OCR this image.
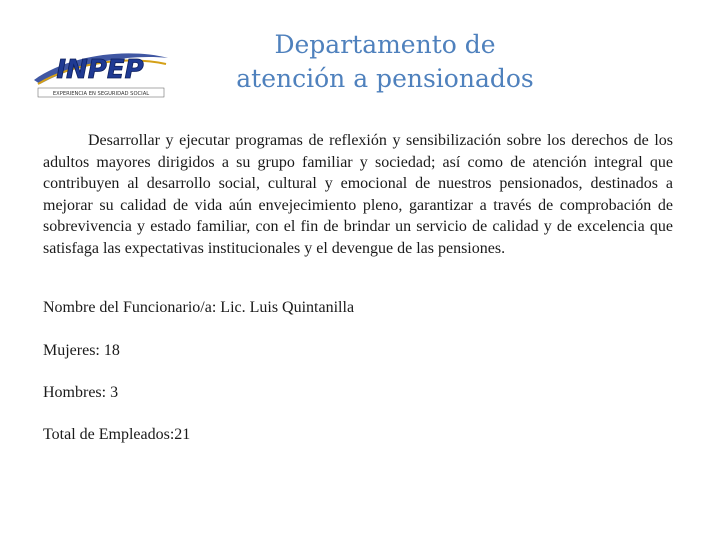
INPEP
EXPERIENCIA EN SEGURIDAD SOCIAL
Departamento de
atención a pensionados

Desarrollar y ejecutar programas de reflexión y sensibilización sobre los derechos de los adultos mayores dirigidos a su grupo familiar y sociedad; así como de atención integral que contribuyen al desarrollo social, cultural y emocional de nuestros pensionados, destinados a mejorar su calidad de vida aún envejecimiento pleno, garantizar a través de comprobación de sobrevivencia y estado familiar, con el fin de brindar un servicio de calidad y de excelencia que satisfaga las expectativas institucionales y el devengue de las pensiones.

Nombre del Funcionario/a: Lic. Luis Quintanilla
Mujeres: 18
Hombres: 3
Total de Empleados:21
